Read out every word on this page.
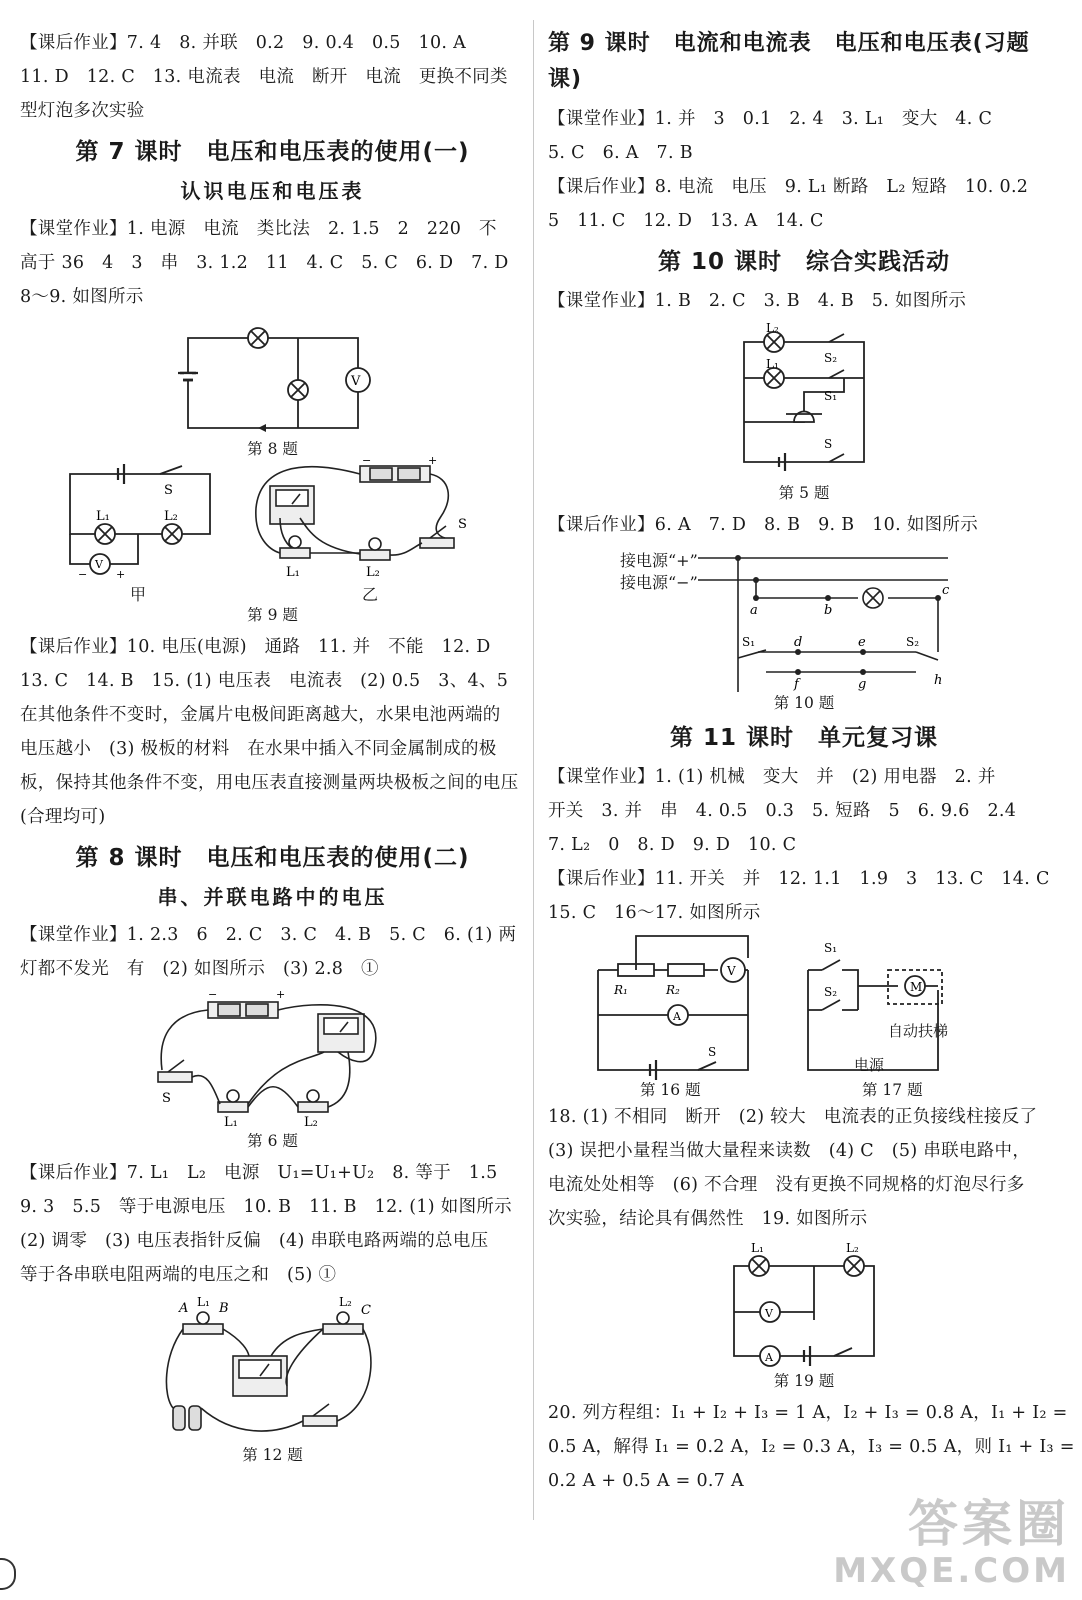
【课后作业】7. 4　8. 并联　0.2　9. 0.4　0.5　10. A
11. D　12. C　13. 电流表　电流　断开　电流　更换不同类
型灯泡多次实验
第 7 课时　电压和电压表的使用(一)
认识电压和电压表
【课堂作业】1. 电源　电流　类比法　2. 1.5　2　220　不
高于 36　4　3　串　3. 1.2　11　4. C　5. C　6. D　7. D
8～9. 如图所示
V
第 8 题
S
L₁	L₂
V
−	+
−	+
S
L₁	L₂
甲	乙
第 9 题
【课后作业】10. 电压(电源)　通路　11. 并　不能　12. D
13. C　14. B　15. (1) 电压表　电流表　(2) 0.5　3、4、5
在其他条件不变时，金属片电极间距离越大，水果电池两端的
电压越小　(3) 极板的材料　在水果中插入不同金属制成的极
板，保持其他条件不变，用电压表直接测量两块极板之间的电压
(合理均可)
第 8 课时　电压和电压表的使用(二)
串、并联电路中的电压
【课堂作业】1. 2.3　6　2. C　3. C　4. B　5. C　6. (1) 两
灯都不发光　有　(2) 如图所示　(3) 2.8　①
−	+
S
L₁	L₂
第 6 题
【课后作业】7. L₁　L₂　电源　U₁=U₁+U₂　8. 等于　1.5
9. 3　5.5　等于电源电压　10. B　11. B　12. (1) 如图所示
(2) 调零　(3) 电压表指针反偏　(4) 串联电路两端的总电压
等于各串联电阻两端的电压之和　(5) ①
A B
L₁	L₂
C
第 12 题
第 9 课时　电流和电流表　电压和电压表(习题课)
【课堂作业】1. 并　3　0.1　2. 4　3. L₁　变大　4. C
5. C　6. A　7. B
【课后作业】8. 电流　电压　9. L₁ 断路　L₂ 短路　10. 0.2
5　11. C　12. D　13. A　14. C
第 10 课时　综合实践活动
【课堂作业】1. B　2. C　3. B　4. B　5. 如图所示
L₂
L₁	S₂
S₁
S
第 5 题
【课后作业】6. A　7. D　8. B　9. B　10. 如图所示
接电源“+”
接电源“−”
a	b
c
d	e
f	g	h
S₁	S₂
第 10 题
第 11 课时　单元复习课
【课堂作业】1. (1) 机械　变大　并　(2) 用电器　2. 并
开关　3. 并　串　4. 0.5　0.3　5. 短路　5　6. 9.6　2.4
7. L₂　0　8. D　9. D　10. C
【课后作业】11. 开关　并　12. 1.1　1.9　3　13. C　14. C
15. C　16～17. 如图所示
V
A
R₁	R₂
S
S₁
S₂	M
自动扶梯
电源
第 16 题	第 17 题
18. (1) 不相同　断开　(2) 较大　电流表的正负接线柱接反了
(3) 误把小量程当做大量程来读数　(4) C　(5) 串联电路中，
电流处处相等　(6) 不合理　没有更换不同规格的灯泡尽行多
次实验，结论具有偶然性　19. 如图所示
L₁	L₂
V
A
第 19 题
20. 列方程组：I₁ + I₂ + I₃ = 1 A，I₂ + I₃ = 0.8 A，I₁ + I₂ =
0.5 A，解得 I₁ = 0.2 A，I₂ = 0.3 A，I₃ = 0.5 A，则 I₁ + I₃ =
0.2 A + 0.5 A = 0.7 A
答案圈
MXQE.COM
